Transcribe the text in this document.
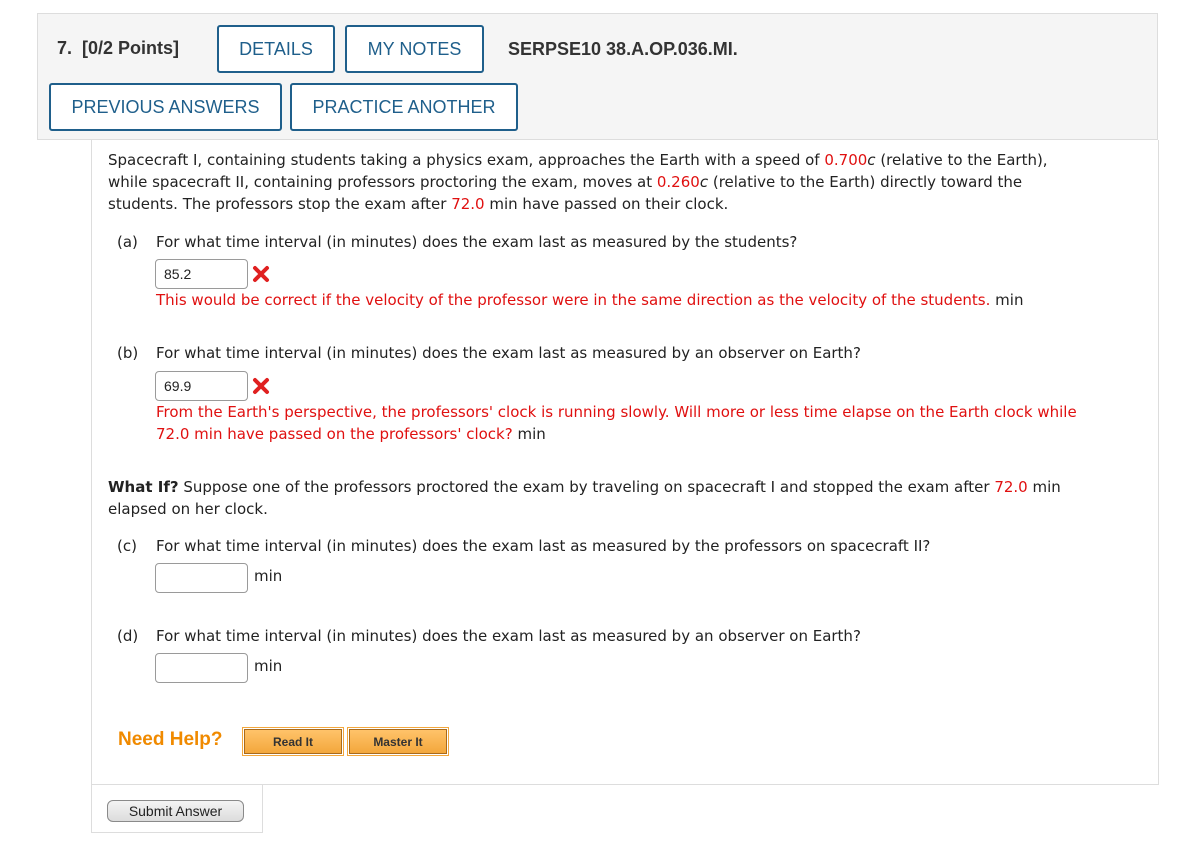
7. [0/2 Points]	DETAILS	MY NOTES	SERPSE10 38.A.OP.036.MI.
PREVIOUS ANSWERS	PRACTICE ANOTHER
Spacecraft I, containing students taking a physics exam, approaches the Earth with a speed of 0.700c (relative to the Earth),
while spacecraft II, containing professors proctoring the exam, moves at 0.260c (relative to the Earth) directly toward the
students. The professors stop the exam after 72.0 min have passed on their clock.
(a) For what time interval (in minutes) does the exam last as measured by the students?
85.2
This would be correct if the velocity of the professor were in the same direction as the velocity of the students. min
(b) For what time interval (in minutes) does the exam last as measured by an observer on Earth?
69.9
From the Earth's perspective, the professors' clock is running slowly. Will more or less time elapse on the Earth clock while
72.0 min have passed on the professors' clock? min
What If? Suppose one of the professors proctored the exam by traveling on spacecraft I and stopped the exam after 72.0 min
elapsed on her clock.
(c) For what time interval (in minutes) does the exam last as measured by the professors on spacecraft II?
min
(d) For what time interval (in minutes) does the exam last as measured by an observer on Earth?
min
Need Help?	Read It	Master It
Submit Answer
